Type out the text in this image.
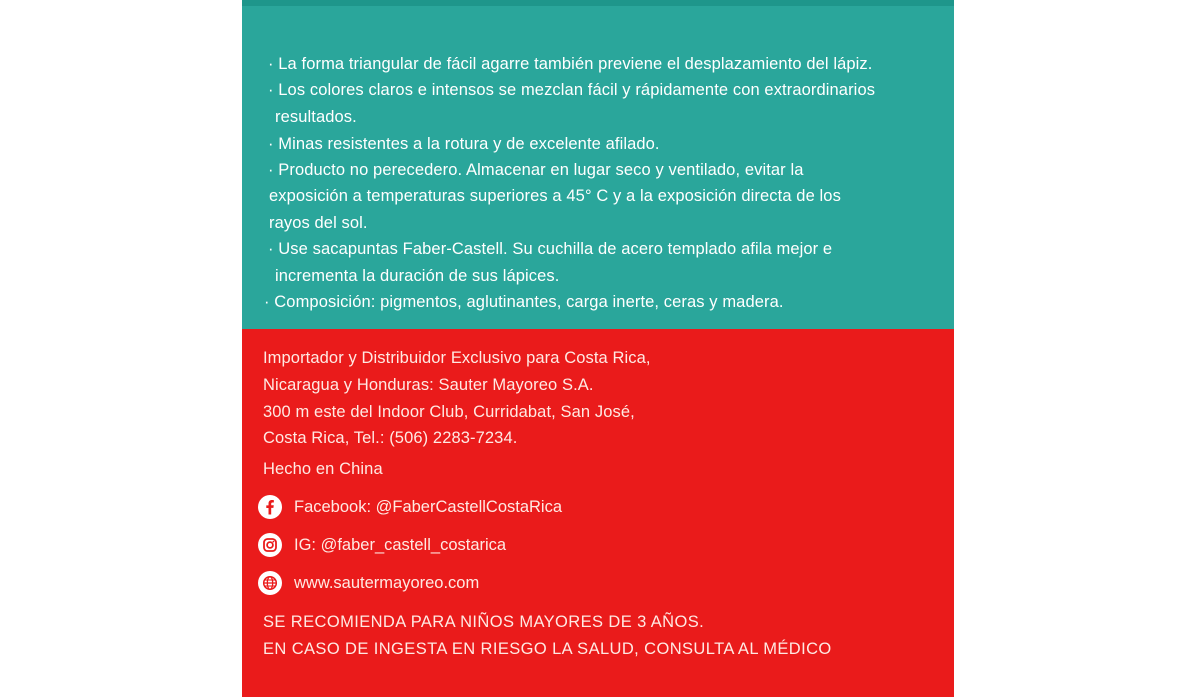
· La forma triangular de fácil agarre también previene el desplazamiento del lápiz.
· Los colores claros e intensos se mezclan fácil y rápidamente con extraordinarios
resultados.
· Minas resistentes a la rotura y de excelente afilado.
· Producto no perecedero. Almacenar en lugar seco y ventilado, evitar la
exposición a temperaturas superiores a 45° C y a la exposición directa de los
rayos del sol.
· Use sacapuntas Faber-Castell. Su cuchilla de acero templado afila mejor e
incrementa la duración de sus lápices.
· Composición: pigmentos, aglutinantes, carga inerte, ceras y madera.
Importador y Distribuidor Exclusivo para Costa Rica,
Nicaragua y Honduras: Sauter Mayoreo S.A.
300 m este del Indoor Club, Curridabat, San José,
Costa Rica, Tel.: (506) 2283-7234.
Hecho en China
Facebook: @FaberCastellCostaRica
IG: @faber_castell_costarica
www.sautermayoreo.com
SE RECOMIENDA PARA NIÑOS MAYORES DE 3 AÑOS.
EN CASO DE INGESTA EN RIESGO LA SALUD, CONSULTA AL MÉDICO
